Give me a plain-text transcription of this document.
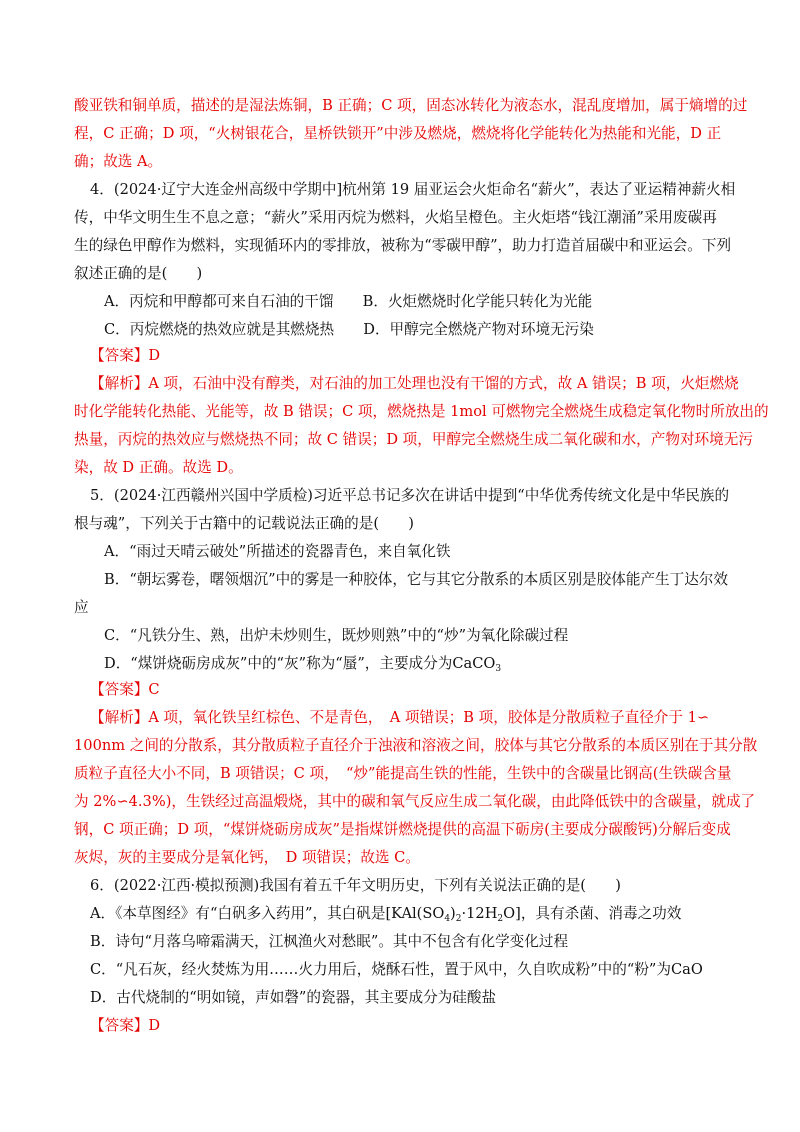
酸亚铁和铜单质，描述的是湿法炼铜，B 正确；C 项，固态冰转化为液态水，混乱度增加，属于熵增的过
程，C 正确；D 项，“火树银花合，星桥铁锁开”中涉及燃烧，燃烧将化学能转化为热能和光能，D 正
确；故选 A。
4．(2024·辽宁大连金州高级中学期中]杭州第 19 届亚运会火炬命名“薪火”，表达了亚运精神薪火相
传，中华文明生生不息之意；“薪火”采用丙烷为燃料，火焰呈橙色。主火炬塔“钱江潮涌”采用废碳再
生的绿色甲醇作为燃料，实现循环内的零排放，被称为“零碳甲醇”，助力打造首届碳中和亚运会。下列
叙述正确的是(　　)
A．丙烷和甲醇都可来自石油的干馏　　B．火炬燃烧时化学能只转化为光能
C．丙烷燃烧的热效应就是其燃烧热　　D．甲醇完全燃烧产物对环境无污染
【答案】D
【解析】A 项，石油中没有醇类，对石油的加工处理也没有干馏的方式，故 A 错误；B 项，火炬燃烧
时化学能转化热能、光能等，故 B 错误；C 项，燃烧热是 1mol 可燃物完全燃烧生成稳定氧化物时所放出的
热量，丙烷的热效应与燃烧热不同；故 C 错误；D 项，甲醇完全燃烧生成二氧化碳和水，产物对环境无污
染，故 D 正确。故选 D。
5．(2024·江西赣州兴国中学质检)习近平总书记多次在讲话中提到“中华优秀传统文化是中华民族的
根与魂”，下列关于古籍中的记载说法正确的是(　　)
A．“雨过天晴云破处”所描述的瓷器青色，来自氧化铁
B．“朝坛雾卷，曙领烟沉”中的雾是一种胶体，它与其它分散系的本质区别是胶体能产生丁达尔效
应
C．“凡铁分生、熟，出炉未炒则生，既炒则熟”中的“炒”为氧化除碳过程
D．“煤饼烧砺房成灰”中的“灰”称为“蜃”，主要成分为CaCO$_3$
【答案】C
【解析】A 项，氧化铁呈红棕色、不是青色，　A 项错误；B 项，胶体是分散质粒子直径介于 1∽
100nm 之间的分散系，其分散质粒子直径介于浊液和溶液之间，胶体与其它分散系的本质区别在于其分散
质粒子直径大小不同，B 项错误；C 项，　“炒”能提高生铁的性能，生铁中的含碳量比钢高(生铁碳含量
为 2%∽4.3%)，生铁经过高温煅烧，其中的碳和氧气反应生成二氧化碳，由此降低铁中的含碳量，就成了
钢，C 项正确；D 项，“煤饼烧砺房成灰”是指煤饼燃烧提供的高温下砺房(主要成分碳酸钙)分解后变成
灰烬，灰的主要成分是氧化钙，　D 项错误；故选 C。
6．(2022·江西·模拟预测)我国有着五千年文明历史，下列有关说法正确的是(　　)
A．《本草图经》有“白矾多入药用”，其白矾是$[KAl(SO_4)_2\cdot 12H_2O]$，具有杀菌、消毒之功效
B．诗句“月落乌啼霜满天，江枫渔火对愁眠”。其中不包含有化学变化过程
C．“凡石灰，经火焚炼为用……火力用后，烧酥石性，置于风中，久自吹成粉”中的“粉”为CaO
D．古代烧制的“明如镜，声如磬”的瓷器，其主要成分为硅酸盐
【答案】D
